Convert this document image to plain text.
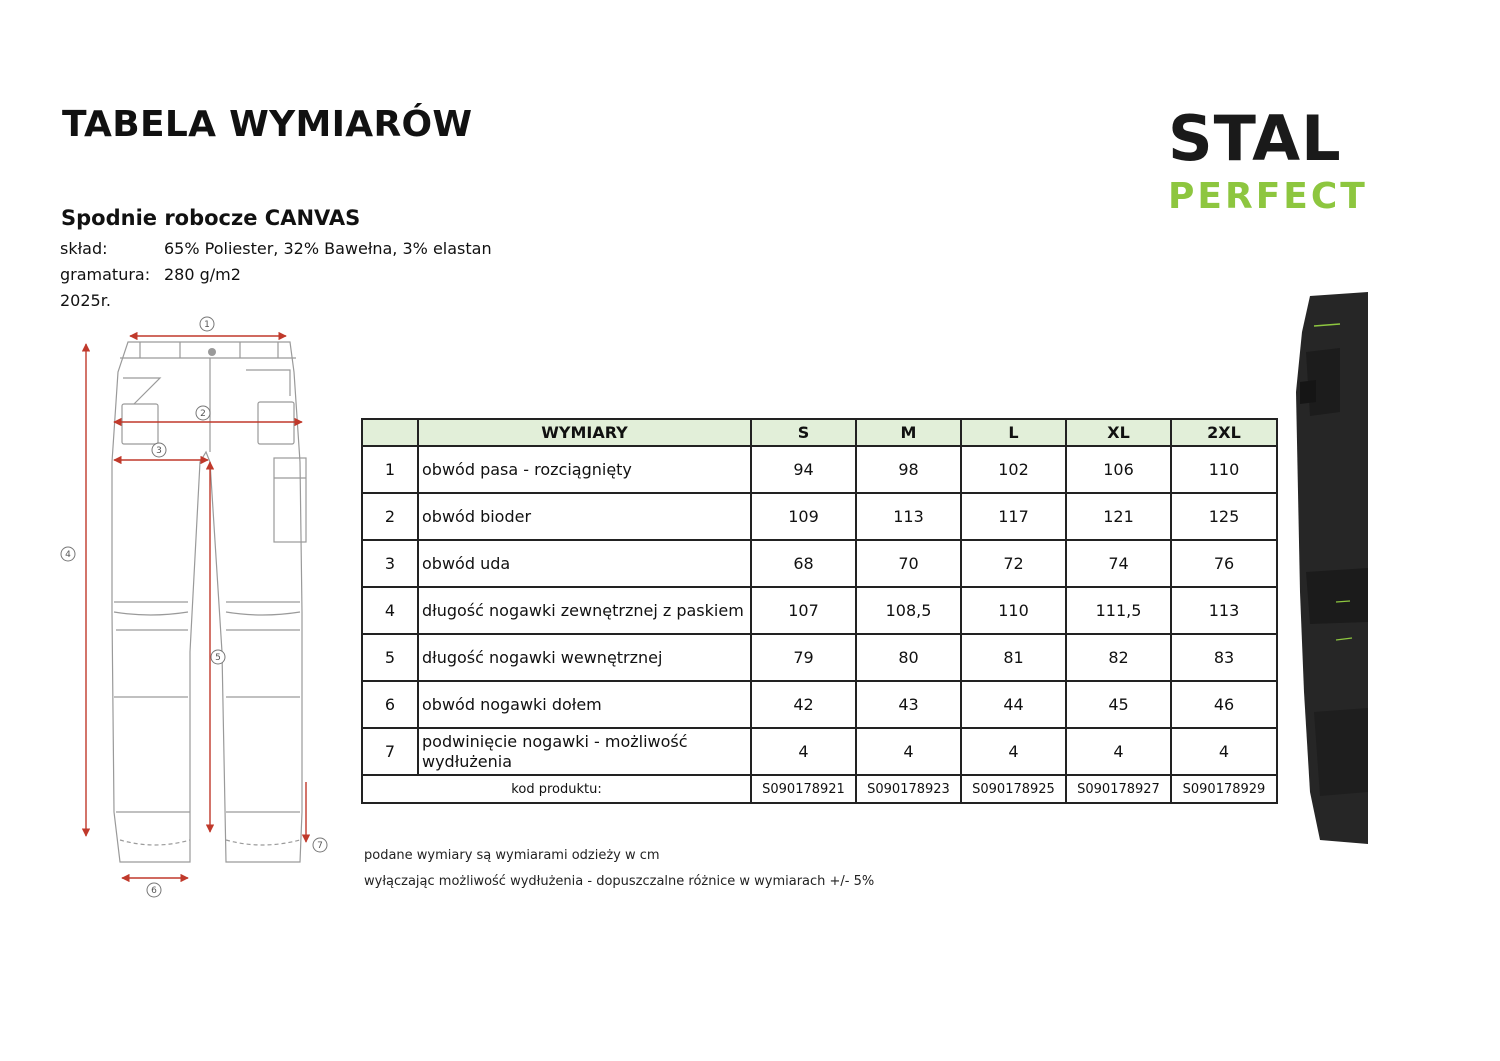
TABELA WYMIARÓW	STAL
PERFECT
Spodnie robocze CANVAS
skład:	65% Poliester, 32% Bawełna, 3% elastan
gramatura: 280 g/m2
2025r.
1
2
3
4
5
6
7
	WYMIARY	S	M	L	XL	2XL
1	obwód pasa - rozciągnięty	94	98	102	106	110
2	obwód bioder	109	113	117	121	125
3	obwód uda	68	70	72	74	76
4	długość nogawki zewnętrznej z paskiem	107	108,5	110	111,5	113
5	długość nogawki wewnętrznej	79	80	81	82	83
6	obwód nogawki dołem	42	43	44	45	46
7	podwinięcie nogawki - możliwość wydłużenia	4	4	4	4	4
kod produktu:		S090178921	S090178923	S090178925	S090178927	S090178929
podane wymiary są wymiarami odzieży w cm
wyłączając możliwość wydłużenia - dopuszczalne różnice w wymiarach +/- 5%
